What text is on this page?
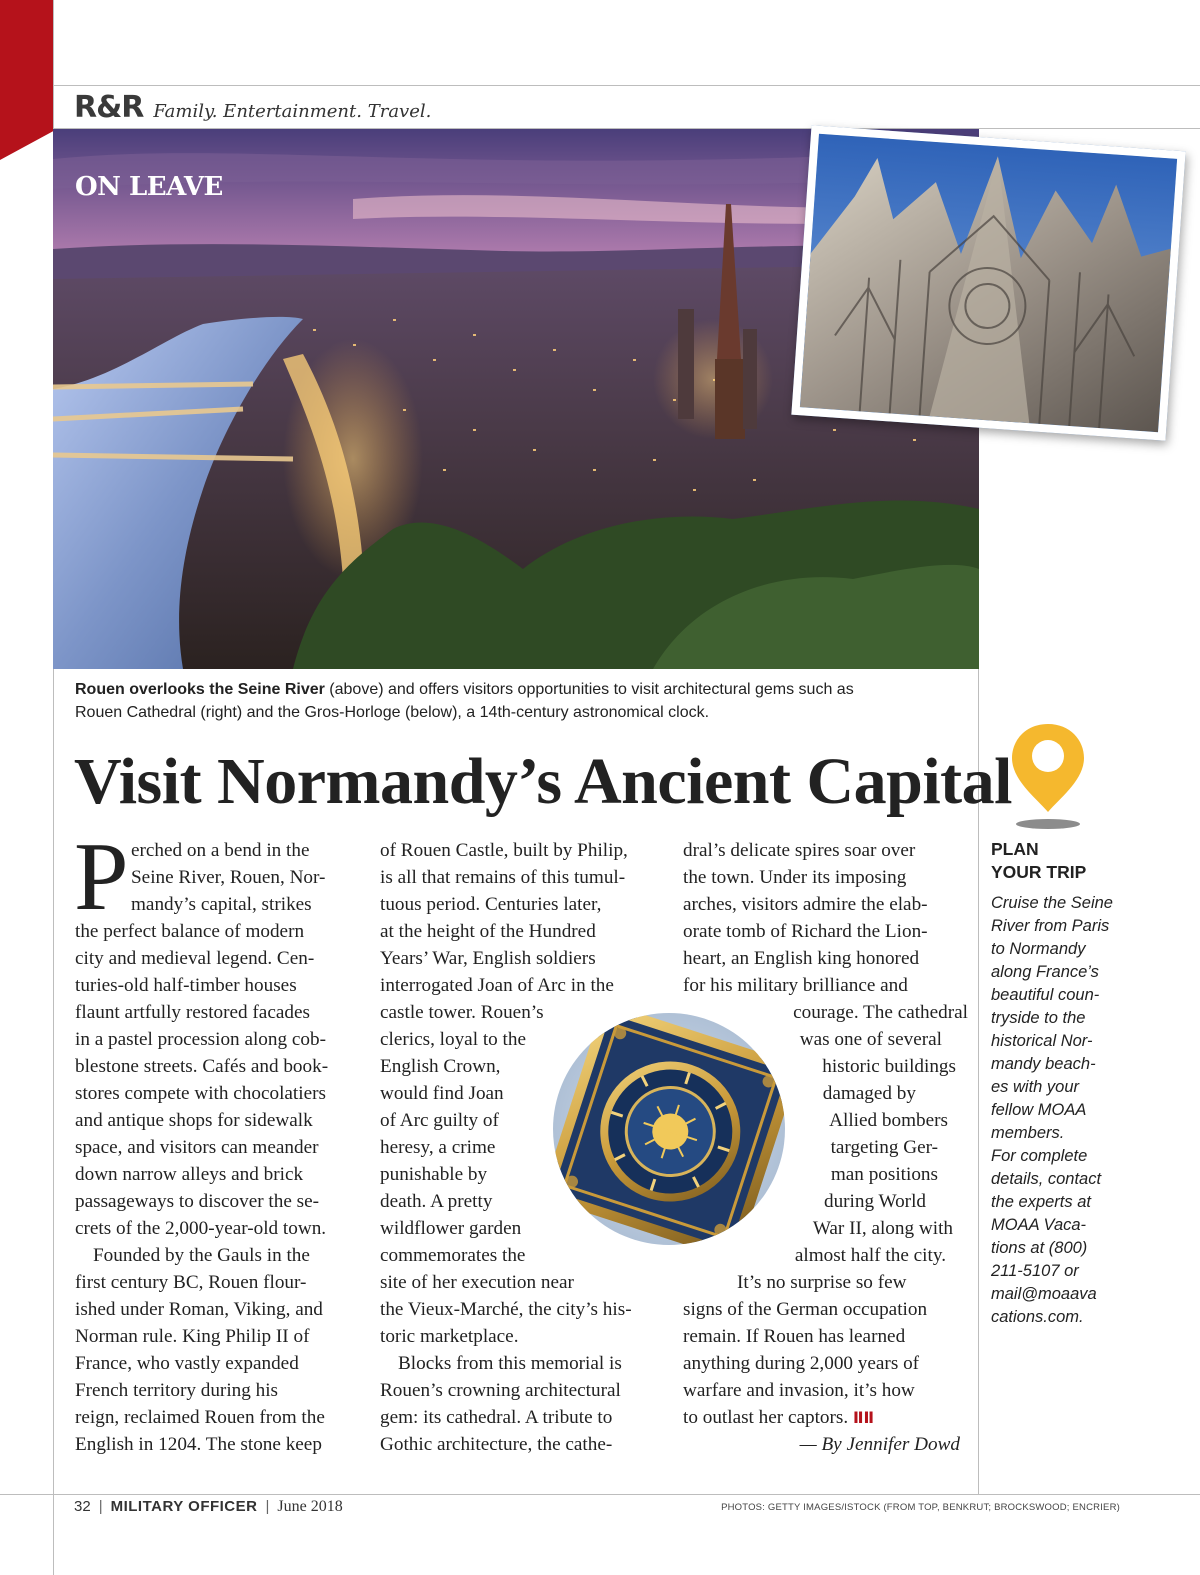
R&R Family. Entertainment. Travel.
ON LEAVE

Rouen overlooks the Seine River (above) and offers visitors opportunities to visit architectural gems such as

Rouen Cathedral (right) and the Gros-Horloge (below), a 14th-century astronomical clock.

Visit Normandy’s Ancient Capital
P erched on a bend in the

Seine River, Rouen, Nor-

mandy’s capital, strikes

the perfect balance of modern

city and medieval legend. Cen-

turies-old half-timber houses

flaunt artfully restored facades

in a pastel procession along cob-

blestone streets. Cafés and book-

stores compete with chocolatiers

and antique shops for sidewalk

space, and visitors can meander

down narrow alleys and brick

passageways to discover the se-

crets of the 2,000-year-old town.

Founded by the Gauls in the

first century BC, Rouen flour-

ished under Roman, Viking, and

Norman rule. King Philip II of

France, who vastly expanded

French territory during his

reign, reclaimed Rouen from the

English in 1204. The stone keep

of Rouen Castle, built by Philip,

is all that remains of this tumul-

tuous period. Centuries later,

at the height of the Hundred

Years’ War, English soldiers

interrogated Joan of Arc in the

castle tower. Rouen’s

clerics, loyal to the

English Crown,

would find Joan

of Arc guilty of

heresy, a crime

punishable by

death. A pretty

wildflower garden

commemorates the

site of her execution near

the Vieux-Marché, the city’s his-

toric marketplace.

Blocks from this memorial is

Rouen’s crowning architectural

gem: its cathedral. A tribute to

Gothic architecture, the cathe-

dral’s delicate spires soar over

the town. Under its imposing

arches, visitors admire the elab-

orate tomb of Richard the Lion-

heart, an English king honored

for his military brilliance and

courage. The cathedral

was one of several

historic buildings

damaged by

Allied bombers

targeting Ger-

man positions

during World

War II, along with

almost half the city.

It’s no surprise so few

signs of the German occupation

remain. If Rouen has learned

anything during 2,000 years of

warfare and invasion, it’s how

to outlast her captors. ⅡⅡ

— By Jennifer Dowd

PLAN

YOUR TRIP

Cruise the Seine

River from Paris

to Normandy

along France’s

beautiful coun-

tryside to the

historical Nor-

mandy beach-

es with your

fellow MOAA

members.

For complete

details, contact

the experts at

MOAA Vaca-

tions at (800)

211-5107 or

mail@moaava

cations.com.

32 | MILITARY OFFICER | June 2018	PHOTOS: GETTY IMAGES/ISTOCK (FROM TOP, BENKRUT; BROCKSWOOD; ENCRIER)
